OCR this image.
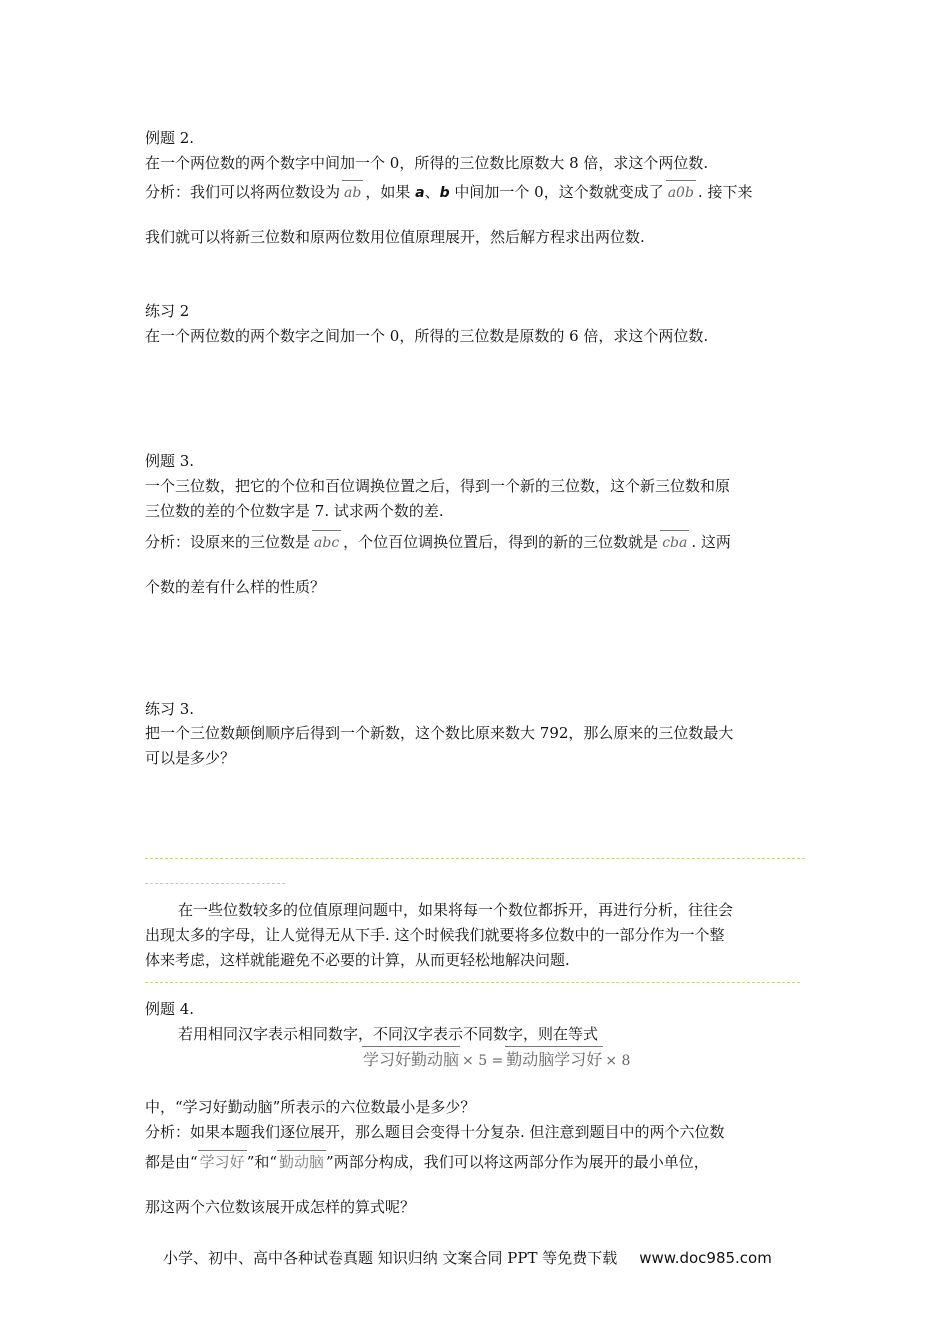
例题 2.
在一个两位数的两个数字中间加一个 0，所得的三位数比原数大 8 倍，求这个两位数.
分析：我们可以将两位数设为 ab ，如果 a、b 中间加一个 0，这个数就变成了 a0b . 接下来
我们就可以将新三位数和原两位数用位值原理展开，然后解方程求出两位数.
练习 2
在一个两位数的两个数字之间加一个 0，所得的三位数是原数的 6 倍，求这个两位数.
例题 3.
一个三位数，把它的个位和百位调换位置之后，得到一个新的三位数，这个新三位数和原
三位数的差的个位数字是 7. 试求两个数的差.
分析：设原来的三位数是 abc ，个位百位调换位置后，得到的新的三位数就是 cba . 这两
个数的差有什么样的性质？
练习 3.
把一个三位数颠倒顺序后得到一个新数，这个数比原来数大 792，那么原来的三位数最大
可以是多少？
在一些位数较多的位值原理问题中，如果将每一个数位都拆开，再进行分析，往往会
出现太多的字母，让人觉得无从下手. 这个时候我们就要将多位数中的一部分作为一个整
体来考虑，这样就能避免不必要的计算，从而更轻松地解决问题.
例题 4.
若用相同汉字表示相同数字，不同汉字表示不同数字，则在等式
学习好勤动脑 × 5 = 勤动脑学习好 × 8
中，“学习好勤动脑”所表示的六位数最小是多少？
分析：如果本题我们逐位展开，那么题目会变得十分复杂. 但注意到题目中的两个六位数
都是由“ 学习好 ”和“ 勤动脑 ”两部分构成，我们可以将这两部分作为展开的最小单位，
那这两个六位数该展开成怎样的算式呢？
小学、初中、高中各种试卷真题 知识归纳 文案合同 PPT 等免费下载 www.doc985.com
